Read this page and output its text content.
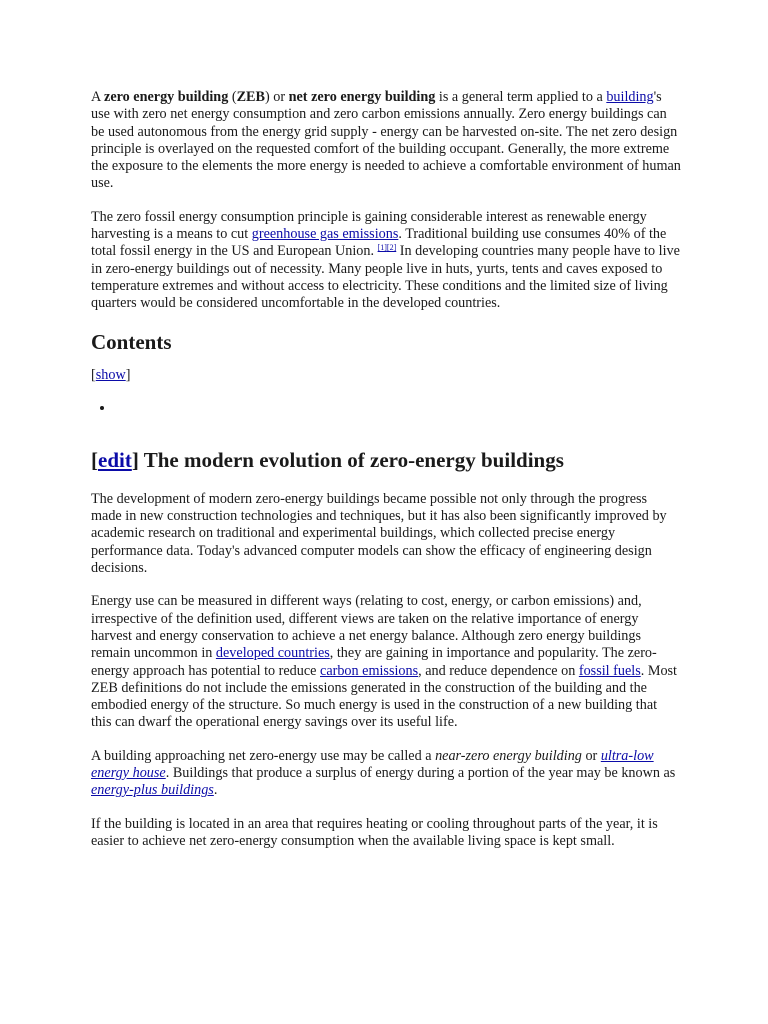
A zero energy building (ZEB) or net zero energy building is a general term applied to a building's use with zero net energy consumption and zero carbon emissions annually. Zero energy buildings can be used autonomous from the energy grid supply - energy can be harvested on-site. The net zero design principle is overlayed on the requested comfort of the building occupant. Generally, the more extreme the exposure to the elements the more energy is needed to achieve a comfortable environment of human use.

The zero fossil energy consumption principle is gaining considerable interest as renewable energy harvesting is a means to cut greenhouse gas emissions. Traditional building use consumes 40% of the total fossil energy in the US and European Union. [1][2] In developing countries many people have to live in zero-energy buildings out of necessity. Many people live in huts, yurts, tents and caves exposed to temperature extremes and without access to electricity. These conditions and the limited size of living quarters would be considered uncomfortable in the developed countries.

Contents

[show]

•
[edit] The modern evolution of zero-energy buildings

The development of modern zero-energy buildings became possible not only through the progress made in new construction technologies and techniques, but it has also been significantly improved by academic research on traditional and experimental buildings, which collected precise energy performance data. Today's advanced computer models can show the efficacy of engineering design decisions.

Energy use can be measured in different ways (relating to cost, energy, or carbon emissions) and, irrespective of the definition used, different views are taken on the relative importance of energy harvest and energy conservation to achieve a net energy balance. Although zero energy buildings remain uncommon in developed countries, they are gaining in importance and popularity. The zero-energy approach has potential to reduce carbon emissions, and reduce dependence on fossil fuels. Most ZEB definitions do not include the emissions generated in the construction of the building and the embodied energy of the structure. So much energy is used in the construction of a new building that this can dwarf the operational energy savings over its useful life.

A building approaching net zero-energy use may be called a near-zero energy building or ultra-low energy house. Buildings that produce a surplus of energy during a portion of the year may be known as energy-plus buildings.

If the building is located in an area that requires heating or cooling throughout parts of the year, it is easier to achieve net zero-energy consumption when the available living space is kept small.
